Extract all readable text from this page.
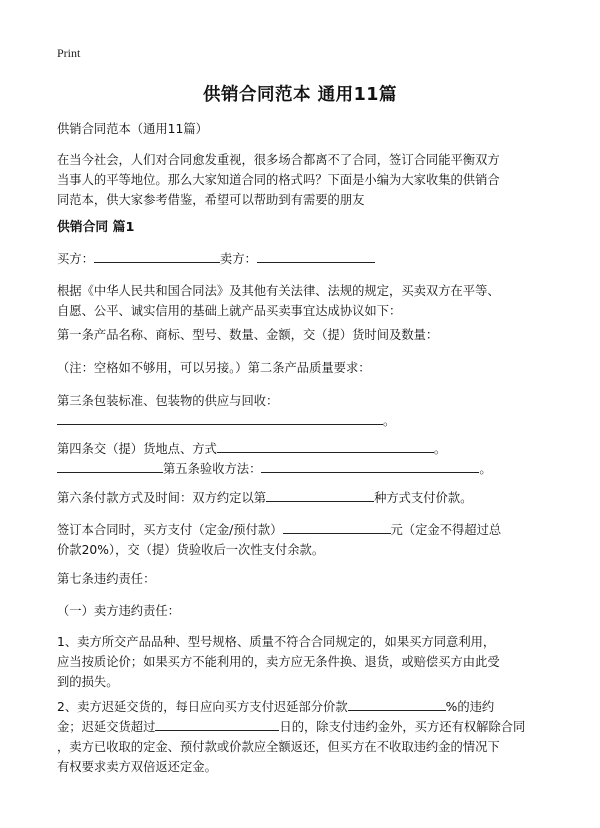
Print
供销合同范本 通用11篇
供销合同范本（通用11篇）
在当今社会，人们对合同愈发重视，很多场合都离不了合同，签订合同能平衡双方
当事人的平等地位。那么大家知道合同的格式吗？下面是小编为大家收集的供销合
同范本，供大家参考借鉴，希望可以帮助到有需要的朋友
供销合同 篇1
买方：	卖方：
根据《中华人民共和国合同法》及其他有关法律、法规的规定，买卖双方在平等、
自愿、公平、诚实信用的基础上就产品买卖事宜达成协议如下：
第一条产品名称、商标、型号、数量、金额，交（提）货时间及数量：
（注：空格如不够用，可以另接。）第二条产品质量要求：
第三条包装标准、包装物的供应与回收：
。
第四条交（提）货地点、方式	。
第五条验收方法：	。
第六条付款方式及时间：双方约定以第	种方式支付价款。
签订本合同时，买方支付（定金/预付款）	元（定金不得超过总
价款20%），交（提）货验收后一次性支付余款。
第七条违约责任：
（一）卖方违约责任：
1、卖方所交产品品种、型号规格、质量不符合合同规定的，如果买方同意利用，
应当按质论价；如果买方不能利用的，卖方应无条件换、退货，或赔偿买方由此受
到的损失。
2、卖方迟延交货的，每日应向买方支付迟延部分价款	%的违约
金；迟延交货超过	日的，除支付违约金外，买方还有权解除合同
，卖方已收取的定金、预付款或价款应全额返还，但买方在不收取违约金的情况下
有权要求卖方双倍返还定金。
